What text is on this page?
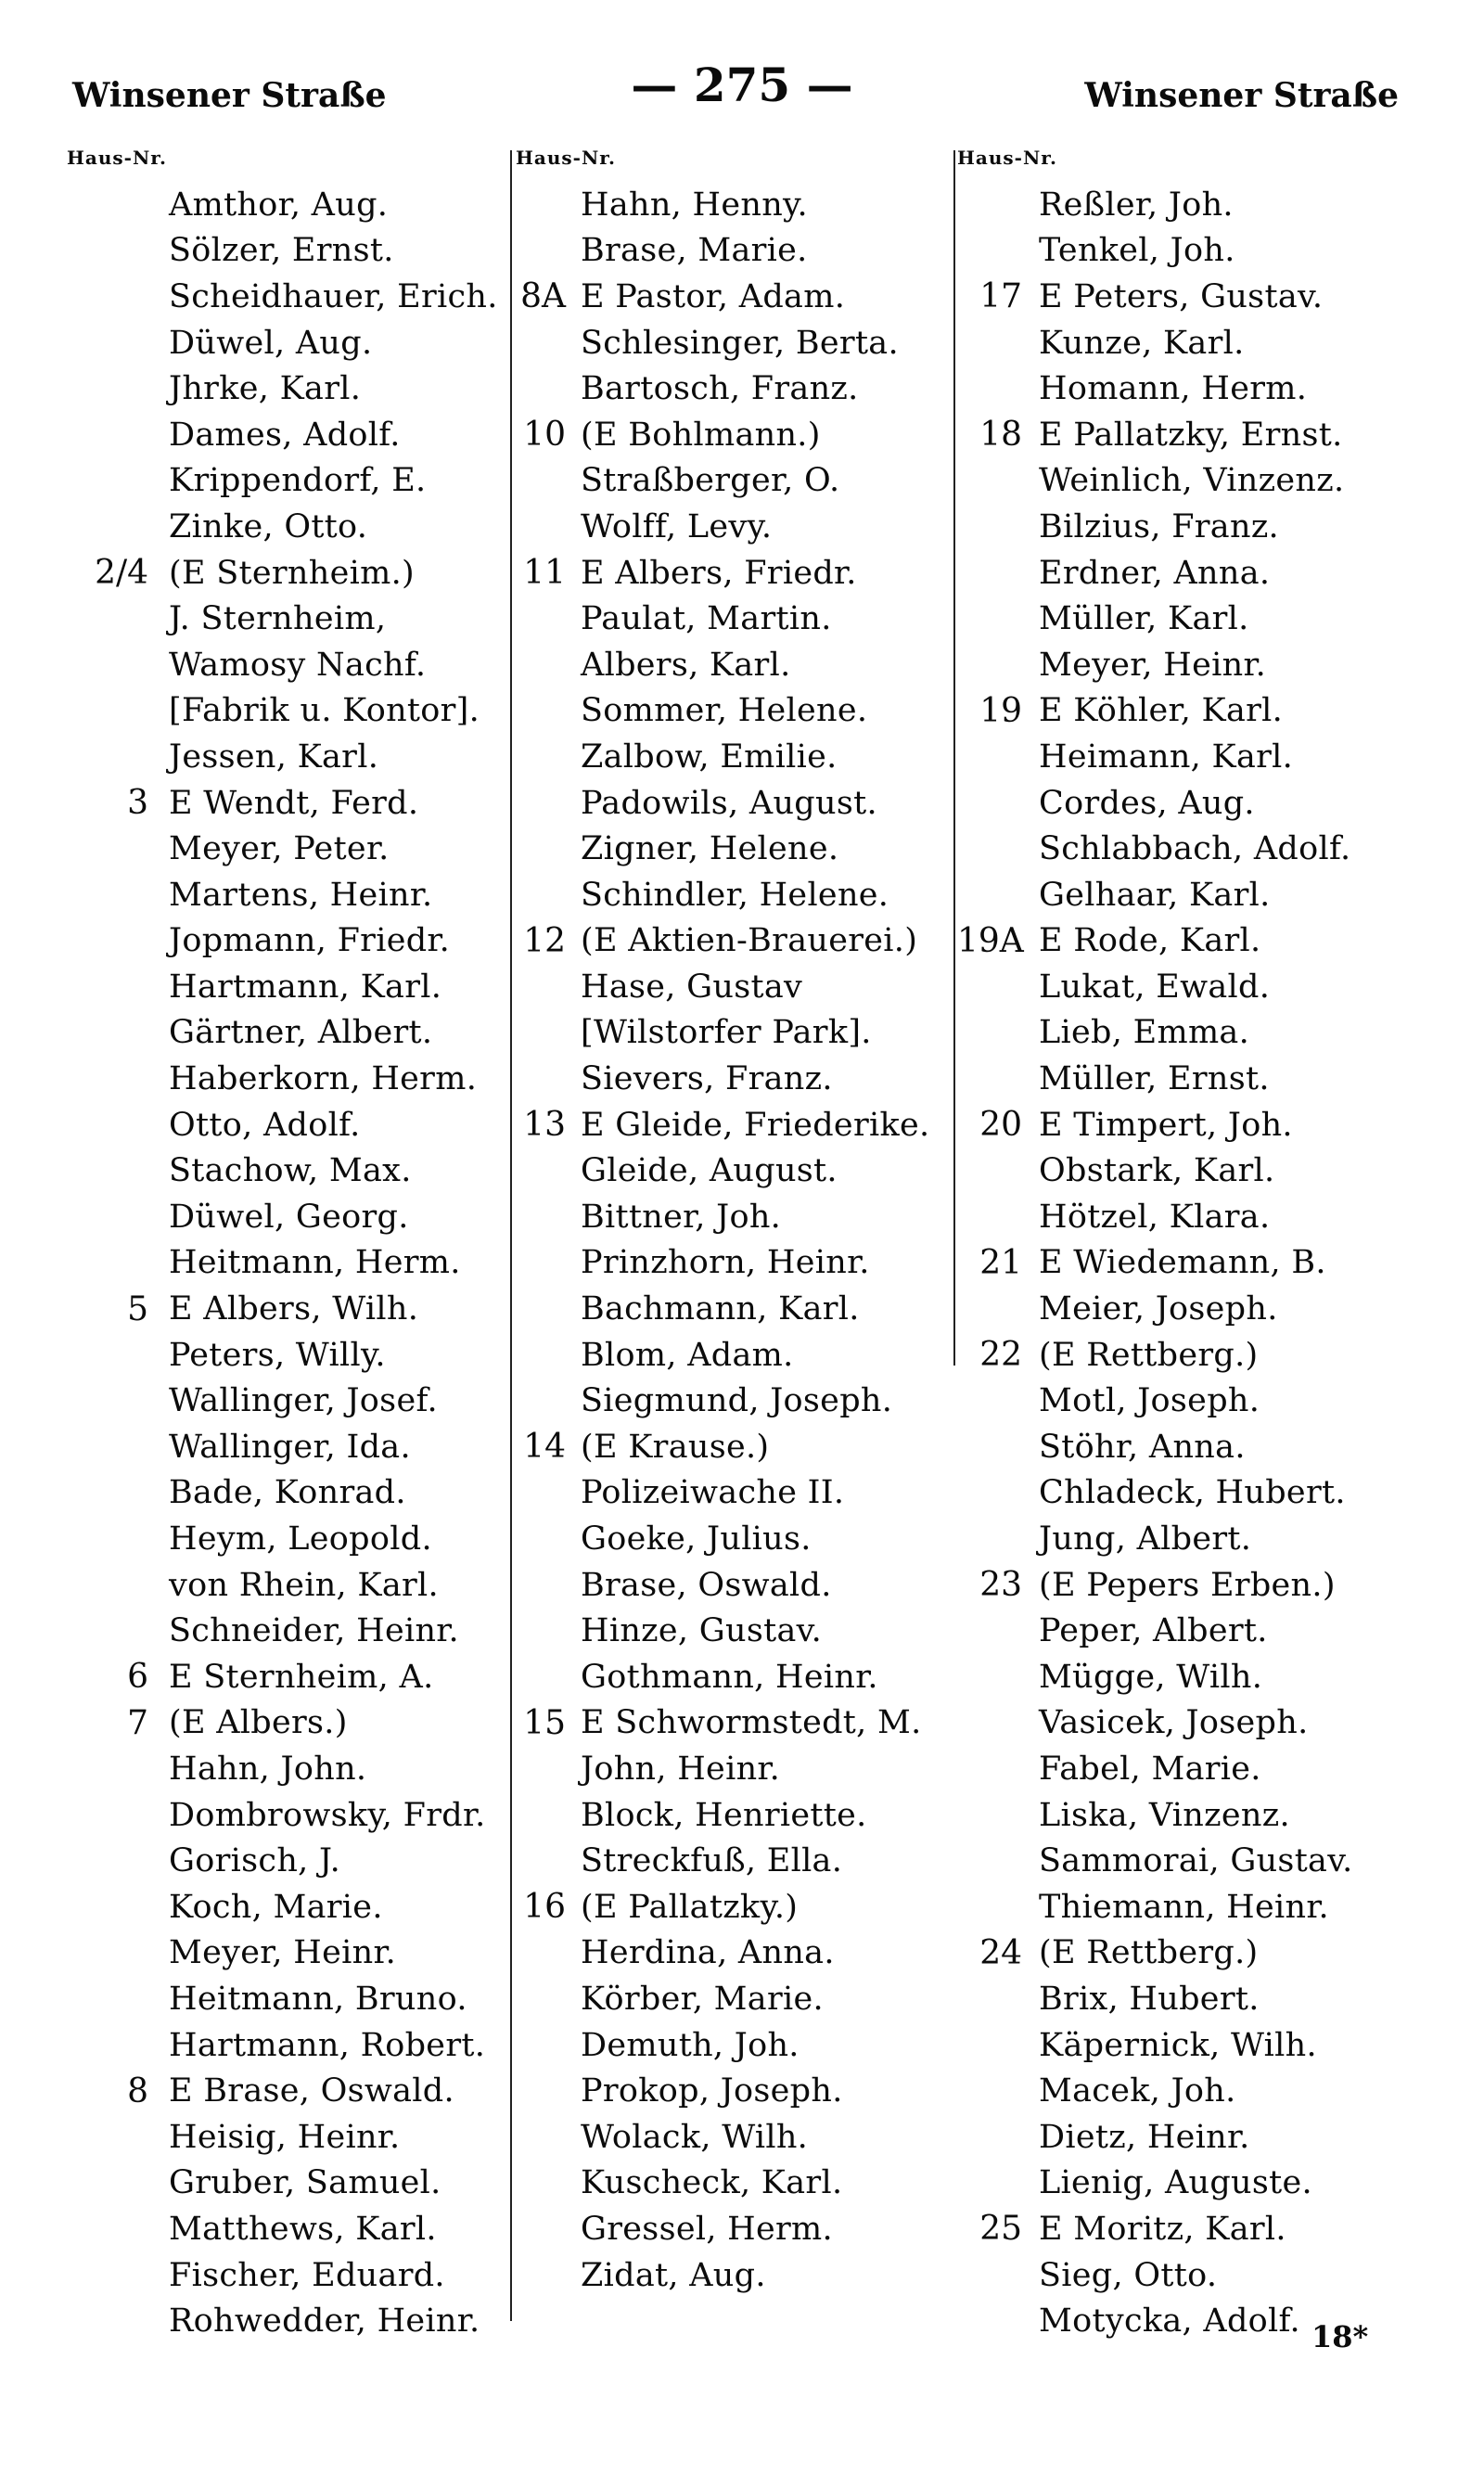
Winsener Straße	— 275 —	Winsener Straße
Haus-Nr.
Amthor, Aug.
Sölzer, Ernst.
Scheidhauer, Erich.
Düwel, Aug.
Jhrke, Karl.
Dames, Adolf.
Krippendorf, E.
Zinke, Otto.
2/4 (E Sternheim.)
J. Sternheim,
Wamosy Nachf.
[Fabrik u. Kontor].
Jessen, Karl.
3 E Wendt, Ferd.
Meyer, Peter.
Martens, Heinr.
Jopmann, Friedr.
Hartmann, Karl.
Gärtner, Albert.
Haberkorn, Herm.
Otto, Adolf.
Stachow, Max.
Düwel, Georg.
Heitmann, Herm.
5 E Albers, Wilh.
Peters, Willy.
Wallinger, Josef.
Wallinger, Ida.
Bade, Konrad.
Heym, Leopold.
von Rhein, Karl.
Schneider, Heinr.
6 E Sternheim, A.
7 (E Albers.)
Hahn, John.
Dombrowsky, Frdr.
Gorisch, J.
Koch, Marie.
Meyer, Heinr.
Heitmann, Bruno.
Hartmann, Robert.
8 E Brase, Oswald.
Heisig, Heinr.
Gruber, Samuel.
Matthews, Karl.
Fischer, Eduard.
Rohwedder, Heinr.
Haus-Nr.
Hahn, Henny.
Brase, Marie.
8A E Pastor, Adam.
Schlesinger, Berta.
Bartosch, Franz.
10 (E Bohlmann.)
Straßberger, O.
Wolff, Levy.
11 E Albers, Friedr.
Paulat, Martin.
Albers, Karl.
Sommer, Helene.
Zalbow, Emilie.
Padowils, August.
Zigner, Helene.
Schindler, Helene.
12 (E Aktien-Brauerei.)
Hase, Gustav
[Wilstorfer Park].
Sievers, Franz.
13 E Gleide, Friederike.
Gleide, August.
Bittner, Joh.
Prinzhorn, Heinr.
Bachmann, Karl.
Blom, Adam.
Siegmund, Joseph.
14 (E Krause.)
Polizeiwache II.
Goeke, Julius.
Brase, Oswald.
Hinze, Gustav.
Gothmann, Heinr.
15 E Schwormstedt, M.
John, Heinr.
Block, Henriette.
Streckfuß, Ella.
16 (E Pallatzky.)
Herdina, Anna.
Körber, Marie.
Demuth, Joh.
Prokop, Joseph.
Wolack, Wilh.
Kuscheck, Karl.
Gressel, Herm.
Zidat, Aug.
Haus-Nr.
Reßler, Joh.
Tenkel, Joh.
17 E Peters, Gustav.
Kunze, Karl.
Homann, Herm.
18 E Pallatzky, Ernst.
Weinlich, Vinzenz.
Bilzius, Franz.
Erdner, Anna.
Müller, Karl.
Meyer, Heinr.
19 E Köhler, Karl.
Heimann, Karl.
Cordes, Aug.
Schlabbach, Adolf.
Gelhaar, Karl.
19A E Rode, Karl.
Lukat, Ewald.
Lieb, Emma.
Müller, Ernst.
20 E Timpert, Joh.
Obstark, Karl.
Hötzel, Klara.
21 E Wiedemann, B.
Meier, Joseph.
22 (E Rettberg.)
Motl, Joseph.
Stöhr, Anna.
Chladeck, Hubert.
Jung, Albert.
23 (E Pepers Erben.)
Peper, Albert.
Mügge, Wilh.
Vasicek, Joseph.
Fabel, Marie.
Liska, Vinzenz.
Sammorai, Gustav.
Thiemann, Heinr.
24 (E Rettberg.)
Brix, Hubert.
Käpernick, Wilh.
Macek, Joh.
Dietz, Heinr.
Lienig, Auguste.
25 E Moritz, Karl.
Sieg, Otto.
Motycka, Adolf. 18*
